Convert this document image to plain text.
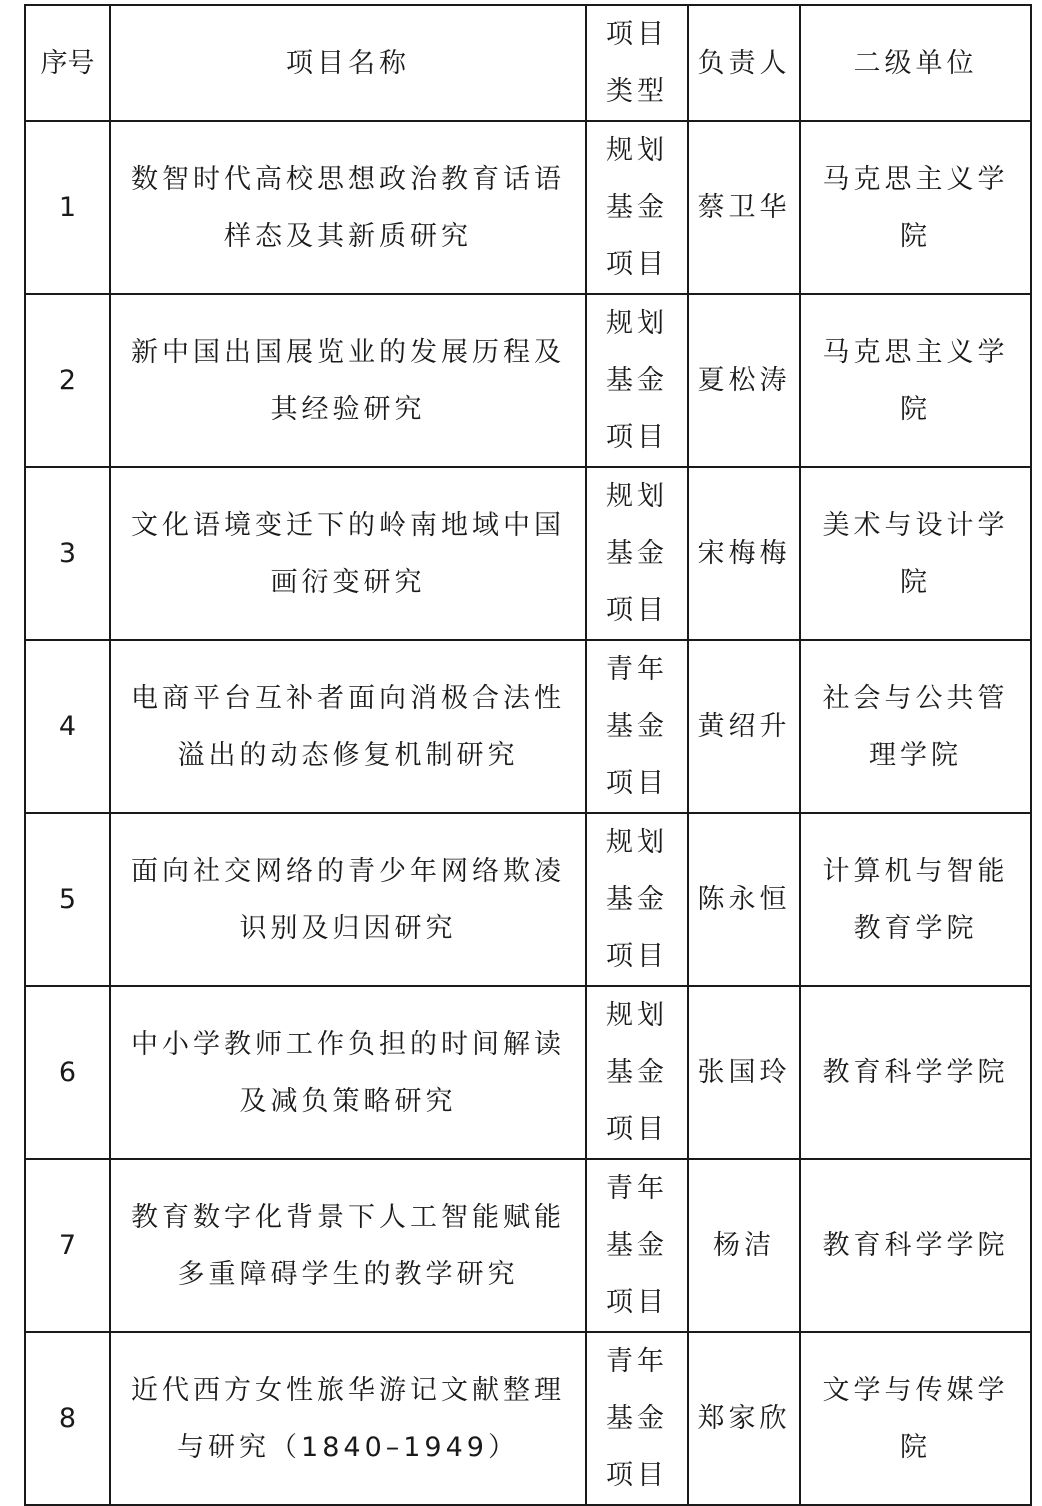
序号	项目名称	项目类型	负责人	二级单位

1	数智时代高校思想政治教育话语样态及其新质研究	规划基金项目	蔡卫华	马克思主义学院

2	新中国出国展览业的发展历程及其经验研究	规划基金项目	夏松涛	马克思主义学院

3	文化语境变迁下的岭南地域中国画衍变研究	规划基金项目	宋梅梅	美术与设计学院

4	电商平台互补者面向消极合法性溢出的动态修复机制研究	青年基金项目	黄绍升	社会与公共管理学院

5	面向社交网络的青少年网络欺凌识别及归因研究	规划基金项目	陈永恒	计算机与智能教育学院

6	中小学教师工作负担的时间解读及减负策略研究	规划基金项目	张国玲	教育科学学院

7	教育数字化背景下人工智能赋能多重障碍学生的教学研究	青年基金项目	杨洁	教育科学学院

8	近代西方女性旅华游记文献整理与研究（1840–1949）	青年基金项目	郑家欣	文学与传媒学院
